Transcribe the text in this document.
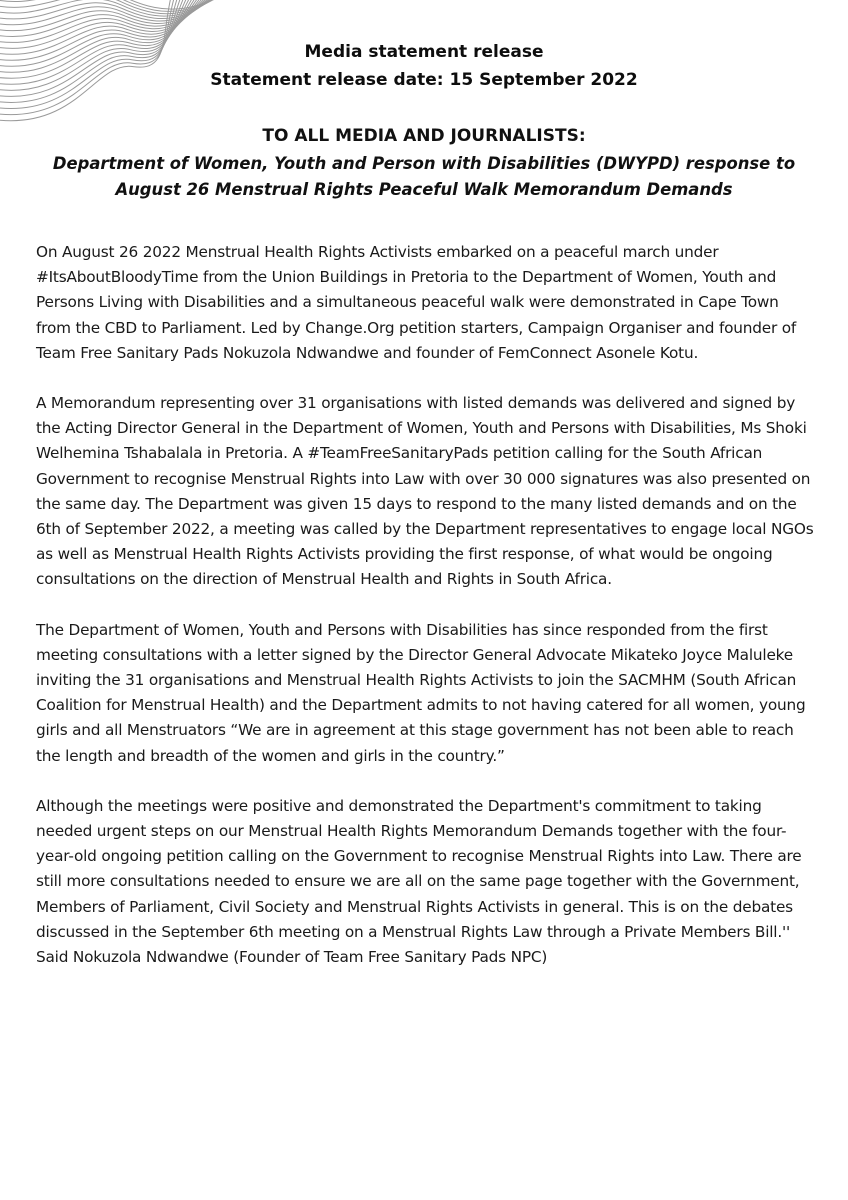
Media statement release
Statement release date: 15 September 2022
TO ALL MEDIA AND JOURNALISTS:
Department of Women, Youth and Person with Disabilities (DWYPD) response to
August 26 Menstrual Rights Peaceful Walk Memorandum Demands

On August 26 2022 Menstrual Health Rights Activists embarked on a peaceful march under #ItsAboutBloodyTime from the Union Buildings in Pretoria to the Department of Women, Youth and Persons Living with Disabilities and a simultaneous peaceful walk were demonstrated in Cape Town from the CBD to Parliament. Led by Change.Org petition starters, Campaign Organiser and founder of Team Free Sanitary Pads Nokuzola Ndwandwe and founder of FemConnect Asonele Kotu.

A Memorandum representing over 31 organisations with listed demands was delivered and signed by the Acting Director General in the Department of Women, Youth and Persons with Disabilities, Ms Shoki Welhemina Tshabalala in Pretoria. A #TeamFreeSanitaryPads petition calling for the South African Government to recognise Menstrual Rights into Law with over 30 000 signatures was also presented on the same day. The Department was given 15 days to respond to the many listed demands and on the 6th of September 2022, a meeting was called by the Department representatives to engage local NGOs as well as Menstrual Health Rights Activists providing the first response, of what would be ongoing consultations on the direction of Menstrual Health and Rights in South Africa.

The Department of Women, Youth and Persons with Disabilities has since responded from the first meeting consultations with a letter signed by the Director General Advocate Mikateko Joyce Maluleke inviting the 31 organisations and Menstrual Health Rights Activists to join the SACMHM (South African Coalition for Menstrual Health) and the Department admits to not having catered for all women, young girls and all Menstruators “We are in agreement at this stage government has not been able to reach the length and breadth of the women and girls in the country.”

Although the meetings were positive and demonstrated the Department's commitment to taking needed urgent steps on our Menstrual Health Rights Memorandum Demands together with the four-year-old ongoing petition calling on the Government to recognise Menstrual Rights into Law. There are still more consultations needed to ensure we are all on the same page together with the Government, Members of Parliament, Civil Society and Menstrual Rights Activists in general. This is on the debates discussed in the September 6th meeting on a Menstrual Rights Law through a Private Members Bill.'' Said Nokuzola Ndwandwe (Founder of Team Free Sanitary Pads NPC)
